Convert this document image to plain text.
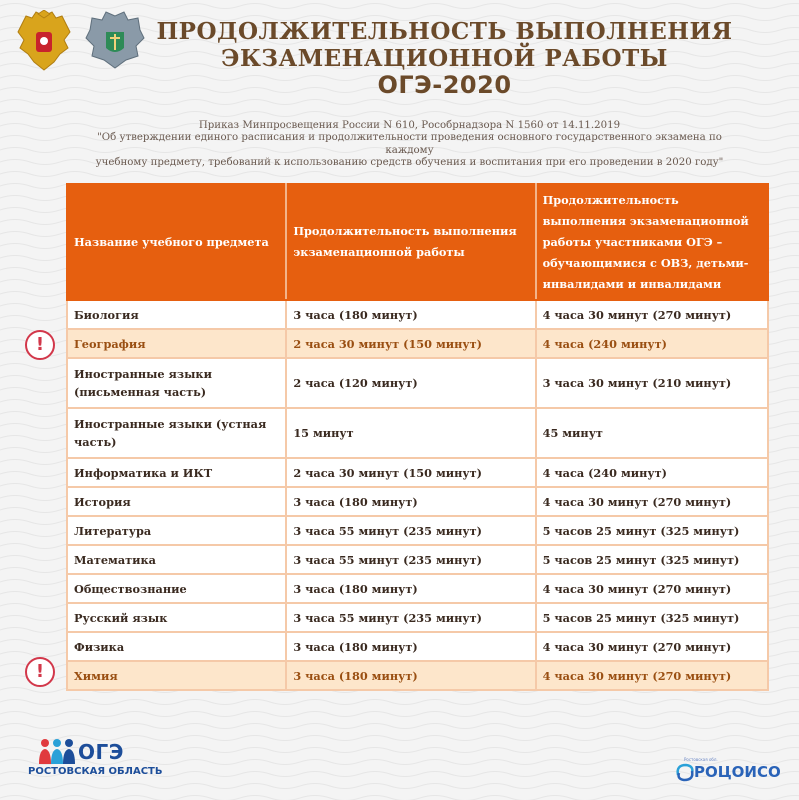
ПРОДОЛЖИТЕЛЬНОСТЬ ВЫПОЛНЕНИЯ
ЭКЗАМЕНАЦИОННОЙ РАБОТЫ
ОГЭ-2020
Приказ Минпросвещения России N 610, Рособрнадзора N 1560 от 14.11.2019
"Об утверждении единого расписания и продолжительности проведения основного государственного экзамена по каждому
учебному предмету, требований к использованию средств обучения и воспитания при его проведении в 2020 году"
Название учебного предмета	Продолжительность выполнения экзаменационной работы	Продолжительность выполнения экзаменационной работы участниками ОГЭ – обучающимися с ОВЗ, детьми-инвалидами и инвалидами
Биология	3 часа (180 минут)	4 часа 30 минут (270 минут)
География	2 часа 30 минут (150 минут)	4 часа (240 минут)
Иностранные языки (письменная часть)	2 часа (120 минут)	3 часа 30 минут (210 минут)
Иностранные языки (устная часть)	15 минут	45 минут
Информатика и ИКТ	2 часа 30 минут (150 минут)	4 часа (240 минут)
История	3 часа (180 минут)	4 часа 30 минут (270 минут)
Литература	3 часа 55 минут (235 минут)	5 часов 25 минут (325 минут)
Математика	3 часа 55 минут (235 минут)	5 часов 25 минут (325 минут)
Обществознание	3 часа (180 минут)	4 часа 30 минут (270 минут)
Русский язык	3 часа 55 минут (235 минут)	5 часов 25 минут (325 минут)
Физика	3 часа (180 минут)	4 часа 30 минут (270 минут)
Химия	3 часа (180 минут)	4 часа 30 минут (270 минут)
!
!
ОГЭ
РОСТОВСКАЯ ОБЛАСТЬ
Ростовская обл.
РОЦОИСО
